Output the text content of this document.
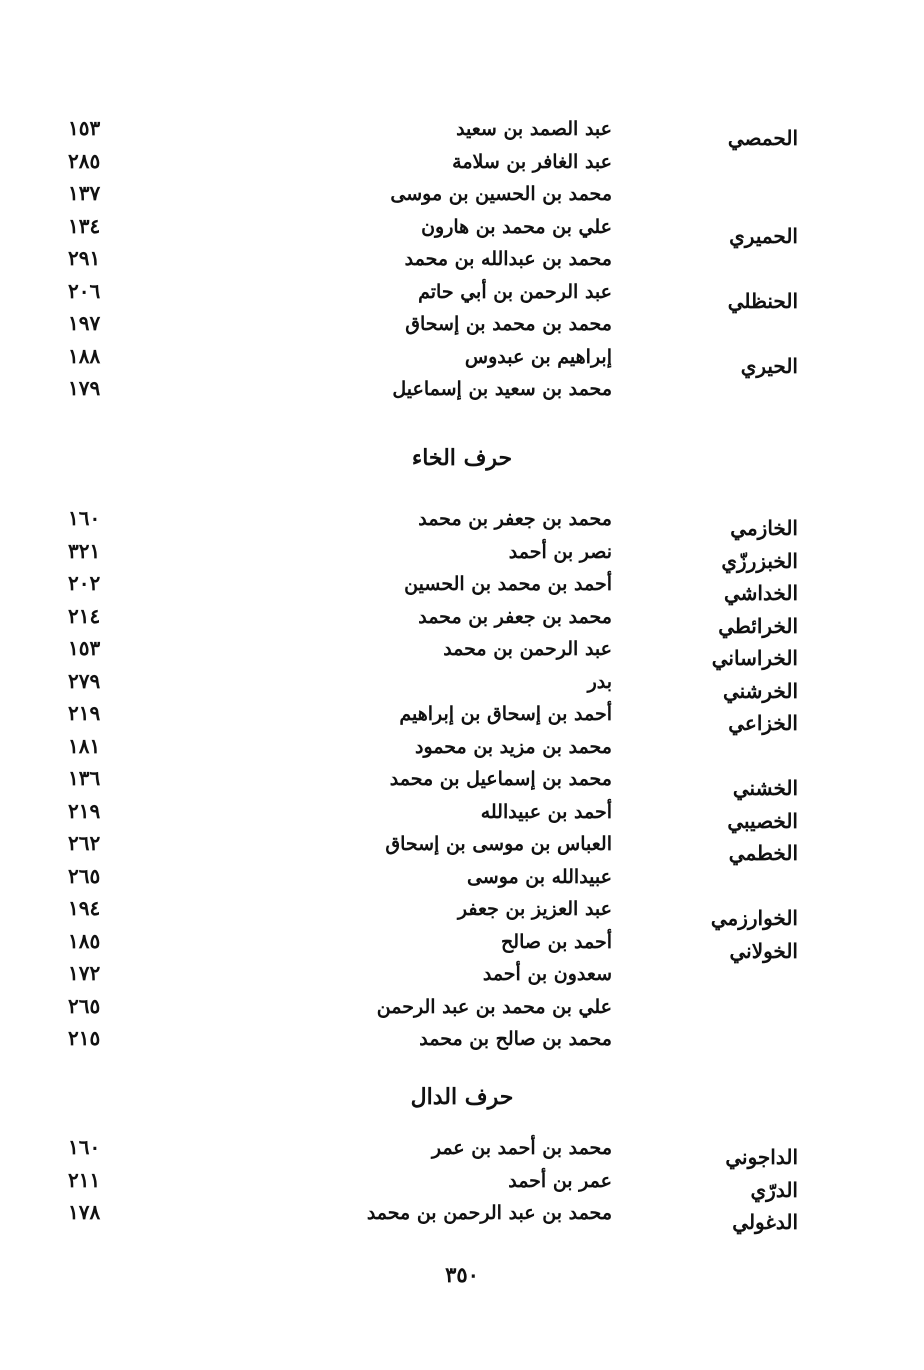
الحمصي
عبد الصمد بن سعيد
١٥٣
عبد الغافر بن سلامة
٢٨٥
محمد بن الحسين بن موسى
١٣٧
الحميري
علي بن محمد بن هارون
١٣٤
محمد بن عبدالله بن محمد
٢٩١
الحنظلي
عبد الرحمن بن أبي حاتم
٢٠٦
محمد بن محمد بن إسحاق
١٩٧
الحيري
إبراهيم بن عبدوس
١٨٨
محمد بن سعيد بن إسماعيل
١٧٩
حرف الخاء
الخازمي
محمد بن جعفر بن محمد
١٦٠
الخبزرزّي
نصر بن أحمد
٣٢١
الخداشي
أحمد بن محمد بن الحسين
٢٠٢
الخرائطي
محمد بن جعفر بن محمد
٢١٤
الخراساني
عبد الرحمن بن محمد
١٥٣
الخرشني
بدر
٢٧٩
الخزاعي
أحمد بن إسحاق بن إبراهيم
٢١٩
محمد بن مزيد بن محمود
١٨١
الخشني
محمد بن إسماعيل بن محمد
١٣٦
الخصيبي
أحمد بن عبيدالله
٢١٩
الخطمي
العباس بن موسى بن إسحاق
٢٦٢
عبيدالله بن موسى
٢٦٥
الخوارزمي
عبد العزيز بن جعفر
١٩٤
الخولاني
أحمد بن صالح
١٨٥
سعدون بن أحمد
١٧٢
علي بن محمد بن عبد الرحمن
٢٦٥
محمد بن صالح بن محمد
٢١٥
حرف الدال
الداجوني
محمد بن أحمد بن عمر
١٦٠
الدرّي
عمر بن أحمد
٢١١
الدغولي
محمد بن عبد الرحمن بن محمد
١٧٨
٣٥٠
